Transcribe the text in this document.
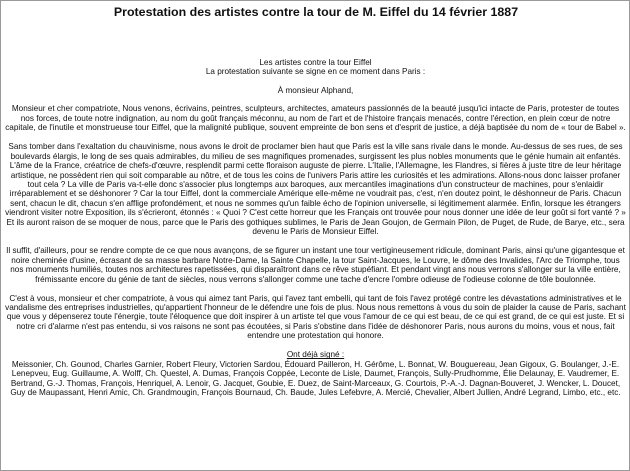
Protestation des artistes contre la tour de M. Eiffel du 14 février 1887

Les artistes contre la tour Eiffel

La protestation suivante se signe en ce moment dans Paris :

À monsieur Alphand,

Monsieur et cher compatriote, Nous venons, écrivains, peintres, sculpteurs, architectes, amateurs passionnés de la beauté jusqu'ici intacte de Paris, protester de toutes nos forces, de toute notre indignation, au nom du goût français méconnu, au nom de l'art et de l'histoire français menacés, contre l'érection, en plein cœur de notre capitale, de l'inutile et monstrueuse tour Eiffel, que la malignité publique, souvent empreinte de bon sens et d'esprit de justice, a déjà baptisée du nom de « tour de Babel ».

Sans tomber dans l'exaltation du chauvinisme, nous avons le droit de proclamer bien haut que Paris est la ville sans rivale dans le monde. Au-dessus de ses rues, de ses boulevards élargis, le long de ses quais admirables, du milieu de ses magnifiques promenades, surgissent les plus nobles monuments que le génie humain ait enfantés. L'âme de la France, créatrice de chefs-d'œuvre, resplendit parmi cette floraison auguste de pierre. L'Italie, l'Allemagne, les Flandres, si fières à juste titre de leur héritage artistique, ne possèdent rien qui soit comparable au nôtre, et de tous les coins de l'univers Paris attire les curiosités et les admirations. Allons-nous donc laisser profaner tout cela ? La ville de Paris va-t-elle donc s'associer plus longtemps aux baroques, aux mercantiles imaginations d'un constructeur de machines, pour s'enlaidir irréparablement et se déshonorer ? Car la tour Eiffel, dont la commerciale Amérique elle-même ne voudrait pas, c'est, n'en doutez point, le déshonneur de Paris. Chacun sent, chacun le dit, chacun s'en afflige profondément, et nous ne sommes qu'un faible écho de l'opinion universelle, si légitimement alarmée. Enfin, lorsque les étrangers viendront visiter notre Exposition, ils s'écrieront, étonnés : « Quoi ? C'est cette horreur que les Français ont trouvée pour nous donner une idée de leur goût si fort vanté ? » Et ils auront raison de se moquer de nous, parce que le Paris des gothiques sublimes, le Paris de Jean Goujon, de Germain Pilon, de Puget, de Rude, de Barye, etc., sera devenu le Paris de Monsieur Eiffel.

Il suffit, d'ailleurs, pour se rendre compte de ce que nous avançons, de se figurer un instant une tour vertigineusement ridicule, dominant Paris, ainsi qu'une gigantesque et noire cheminée d'usine, écrasant de sa masse barbare Notre-Dame, la Sainte Chapelle, la tour Saint-Jacques, le Louvre, le dôme des Invalides, l'Arc de Triomphe, tous nos monuments humiliés, toutes nos architectures rapetissées, qui disparaîtront dans ce rêve stupéfiant. Et pendant vingt ans nous verrons s'allonger sur la ville entière, frémissante encore du génie de tant de siècles, nous verrons s'allonger comme une tache d'encre l'ombre odieuse de l'odieuse colonne de tôle boulonnée.

C'est à vous, monsieur et cher compatriote, à vous qui aimez tant Paris, qui l'avez tant embelli, qui tant de fois l'avez protégé contre les dévastations administratives et le vandalisme des entreprises industrielles, qu'appartient l'honneur de le défendre une fois de plus. Nous nous remettons à vous du soin de plaider la cause de Paris, sachant que vous y dépenserez toute l'énergie, toute l'éloquence que doit inspirer à un artiste tel que vous l'amour de ce qui est beau, de ce qui est grand, de ce qui est juste. Et si notre cri d'alarme n'est pas entendu, si vos raisons ne sont pas écoutées, si Paris s'obstine dans l'idée de déshonorer Paris, nous aurons du moins, vous et nous, fait entendre une protestation qui honore.

Ont déjà signé :

Meissonier, Ch. Gounod, Charles Garnier, Robert Fleury, Victorien Sardou, Édouard Pailleron, H. Gérôme, L. Bonnat, W. Bouguereau, Jean Gigoux, G. Boulanger, J.-E. Lenepveu, Eug. Guillaume, A. Wolff, Ch. Questel, A. Dumas, François Coppée, Leconte de Lisle, Daumet, François, Sully-Prudhomme, Élie Delaunay, E. Vaudremer, E. Bertrand, G.-J. Thomas, François, Henriquel, A. Lenoir, G. Jacquet, Goubie, E. Duez, de Saint-Marceaux, G. Courtois, P.-A.-J. Dagnan-Bouveret, J. Wencker, L. Doucet, Guy de Maupassant, Henri Amic, Ch. Grandmougin, François Bournaud, Ch. Baude, Jules Lefebvre, A. Mercié, Chevalier, Albert Jullien, André Legrand, Limbo, etc., etc.
